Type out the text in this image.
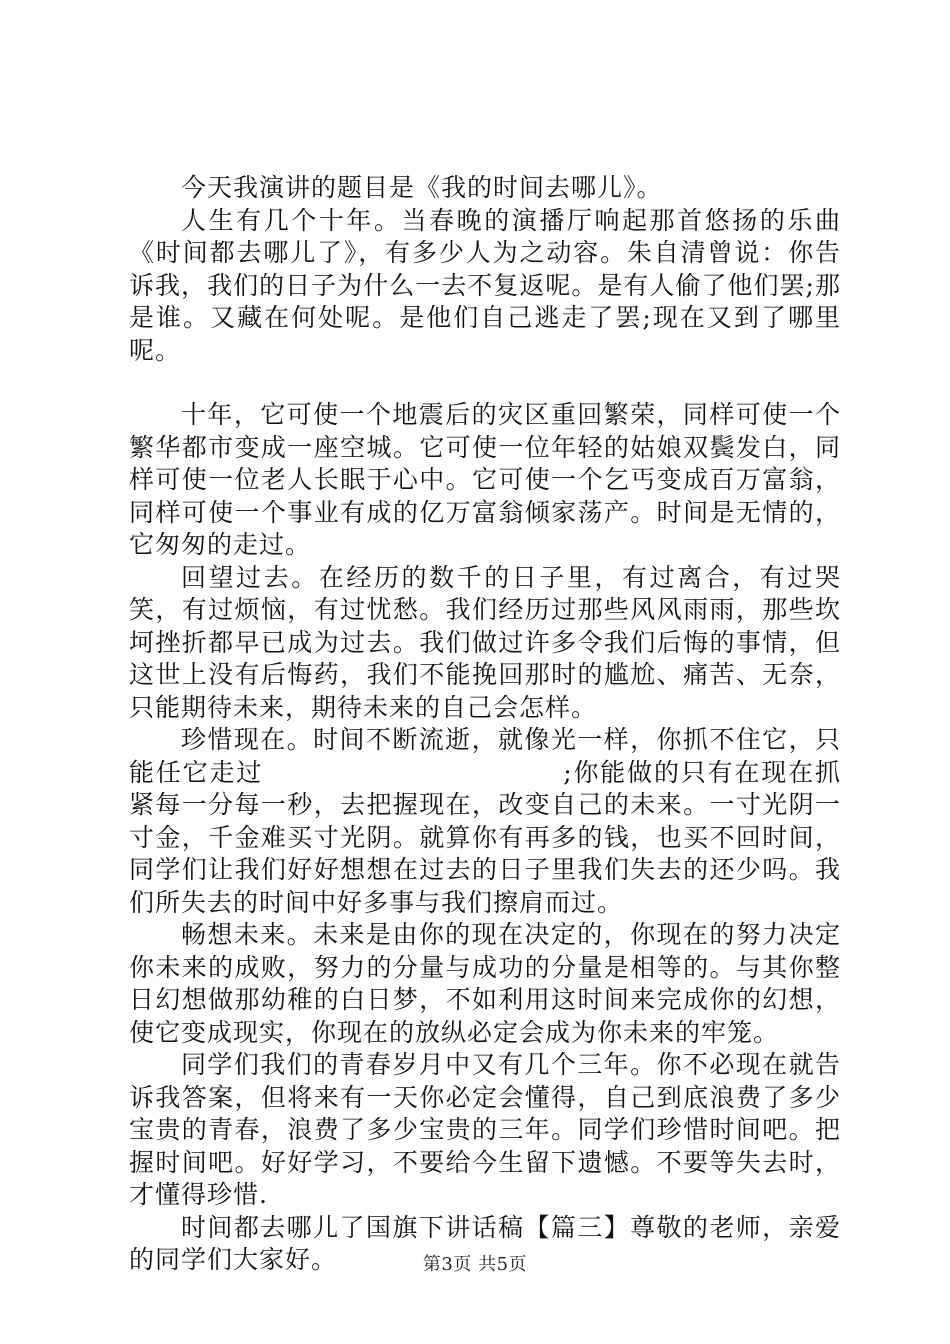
今天我演讲的题目是《我的时间去哪儿》。

人生有几个十年。当春晚的演播厅响起那首悠扬的乐曲《时间都去哪儿了》，有多少人为之动容。朱自清曾说：你告诉我，我们的日子为什么一去不复返呢。是有人偷了他们罢;那是谁。又藏在何处呢。是他们自己逃走了罢;现在又到了哪里呢。

十年，它可使一个地震后的灾区重回繁荣，同样可使一个繁华都市变成一座空城。它可使一位年轻的姑娘双鬓发白，同样可使一位老人长眠于心中。它可使一个乞丐变成百万富翁，同样可使一个事业有成的亿万富翁倾家荡产。时间是无情的，它匆匆的走过。

回望过去。在经历的数千的日子里，有过离合，有过哭笑，有过烦恼，有过忧愁。我们经历过那些风风雨雨，那些坎坷挫折都早已成为过去。我们做过许多令我们后悔的事情，但这世上没有后悔药，我们不能挽回那时的尴尬、痛苦、无奈，只能期待未来，期待未来的自己会怎样。

珍惜现在。时间不断流逝，就像光一样，你抓不住它，只能任它走过	;你能做的只有在现在抓紧每一分每一秒，去把握现在，改变自己的未来。一寸光阴一寸金，千金难买寸光阴。就算你有再多的钱，也买不回时间，同学们让我们好好想想在过去的日子里我们失去的还少吗。我们所失去的时间中好多事与我们擦肩而过。

畅想未来。未来是由你的现在决定的，你现在的努力决定你未来的成败，努力的分量与成功的分量是相等的。与其你整日幻想做那幼稚的白日梦，不如利用这时间来完成你的幻想，使它变成现实，你现在的放纵必定会成为你未来的牢笼。

同学们我们的青春岁月中又有几个三年。你不必现在就告诉我答案，但将来有一天你必定会懂得，自己到底浪费了多少宝贵的青春，浪费了多少宝贵的三年。同学们珍惜时间吧。把握时间吧。好好学习，不要给今生留下遗憾。不要等失去时，才懂得珍惜.

时间都去哪儿了国旗下讲话稿【篇三】尊敬的老师，亲爱的同学们大家好。	第3页 共5页
